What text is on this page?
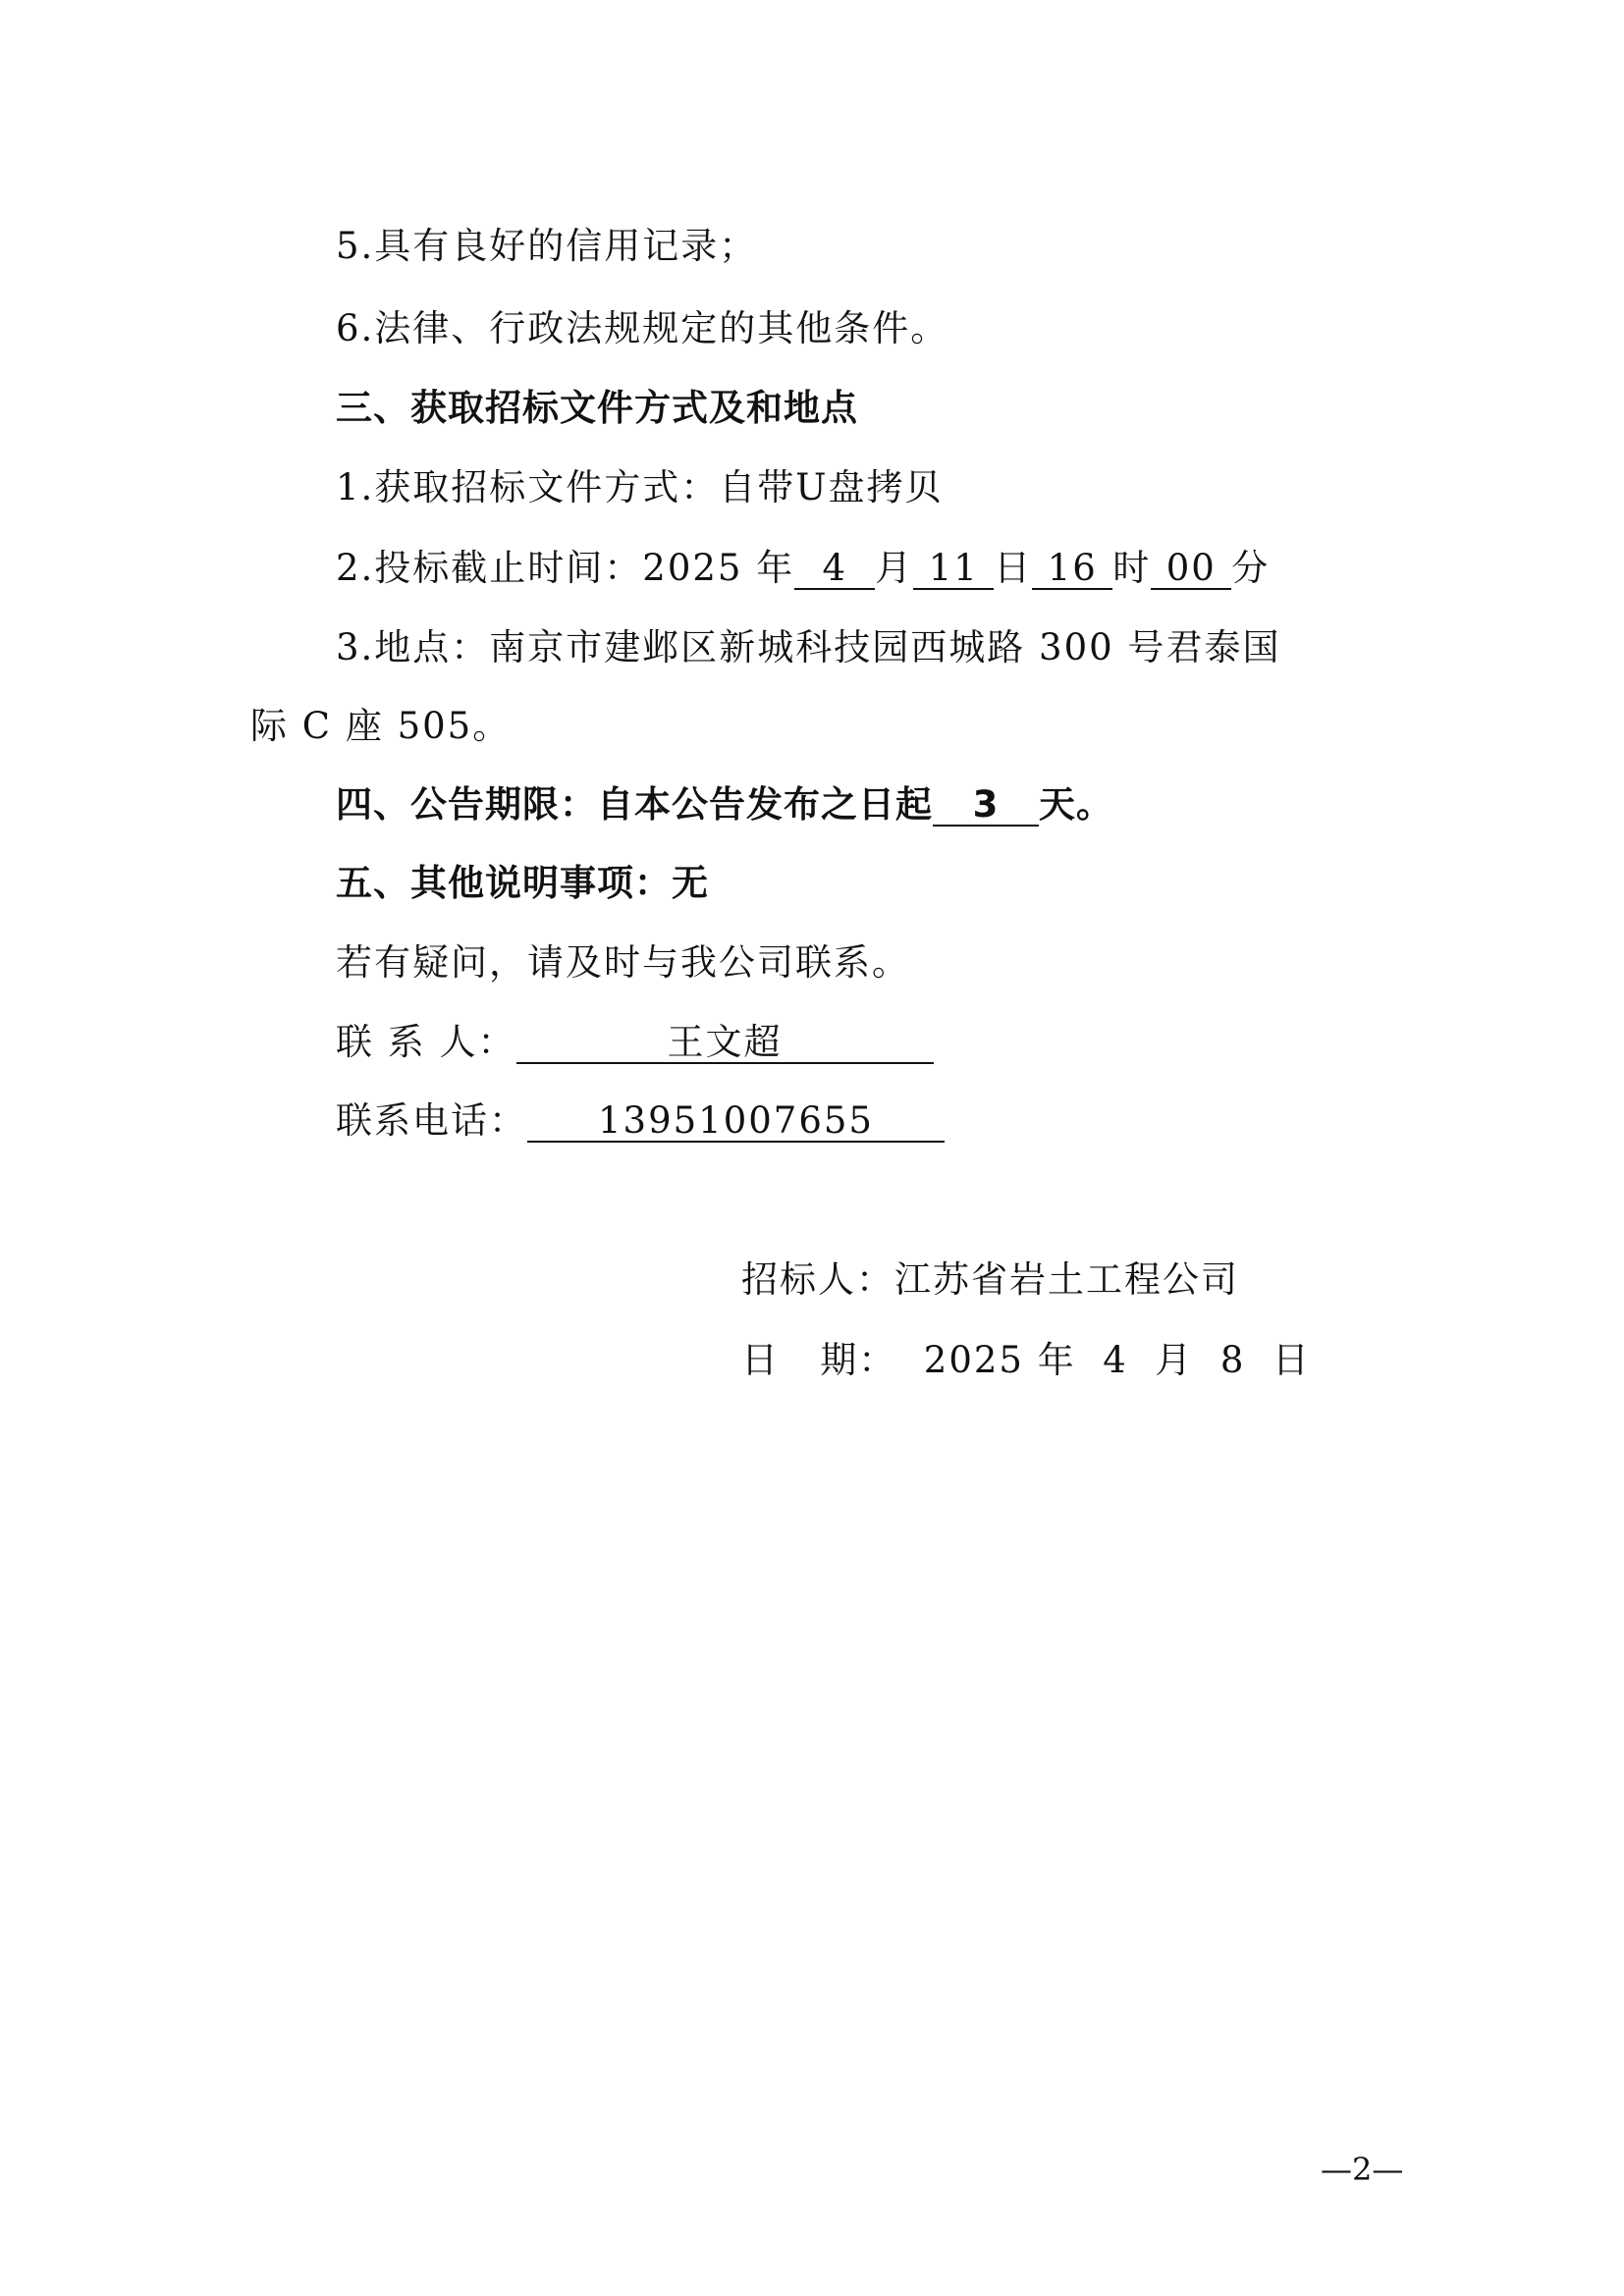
5.具有良好的信用记录；
6.法律、行政法规规定的其他条件。
三、获取招标文件方式及和地点
1.获取招标文件方式：自带U盘拷贝
2.投标截止时间：2025 年 4 月 11 日 16 时 00 分
3.地点：南京市建邺区新城科技园西城路 300 号君泰国
际 C 座 505。
四、公告期限：自本公告发布之日起 3 天。
五、其他说明事项：无
若有疑问，请及时与我公司联系。
联 系 人：	王文超
联系电话： 13951007655
招标人：江苏省岩土工程公司
日   期：  2025 年  4  月  8  日
—2—
